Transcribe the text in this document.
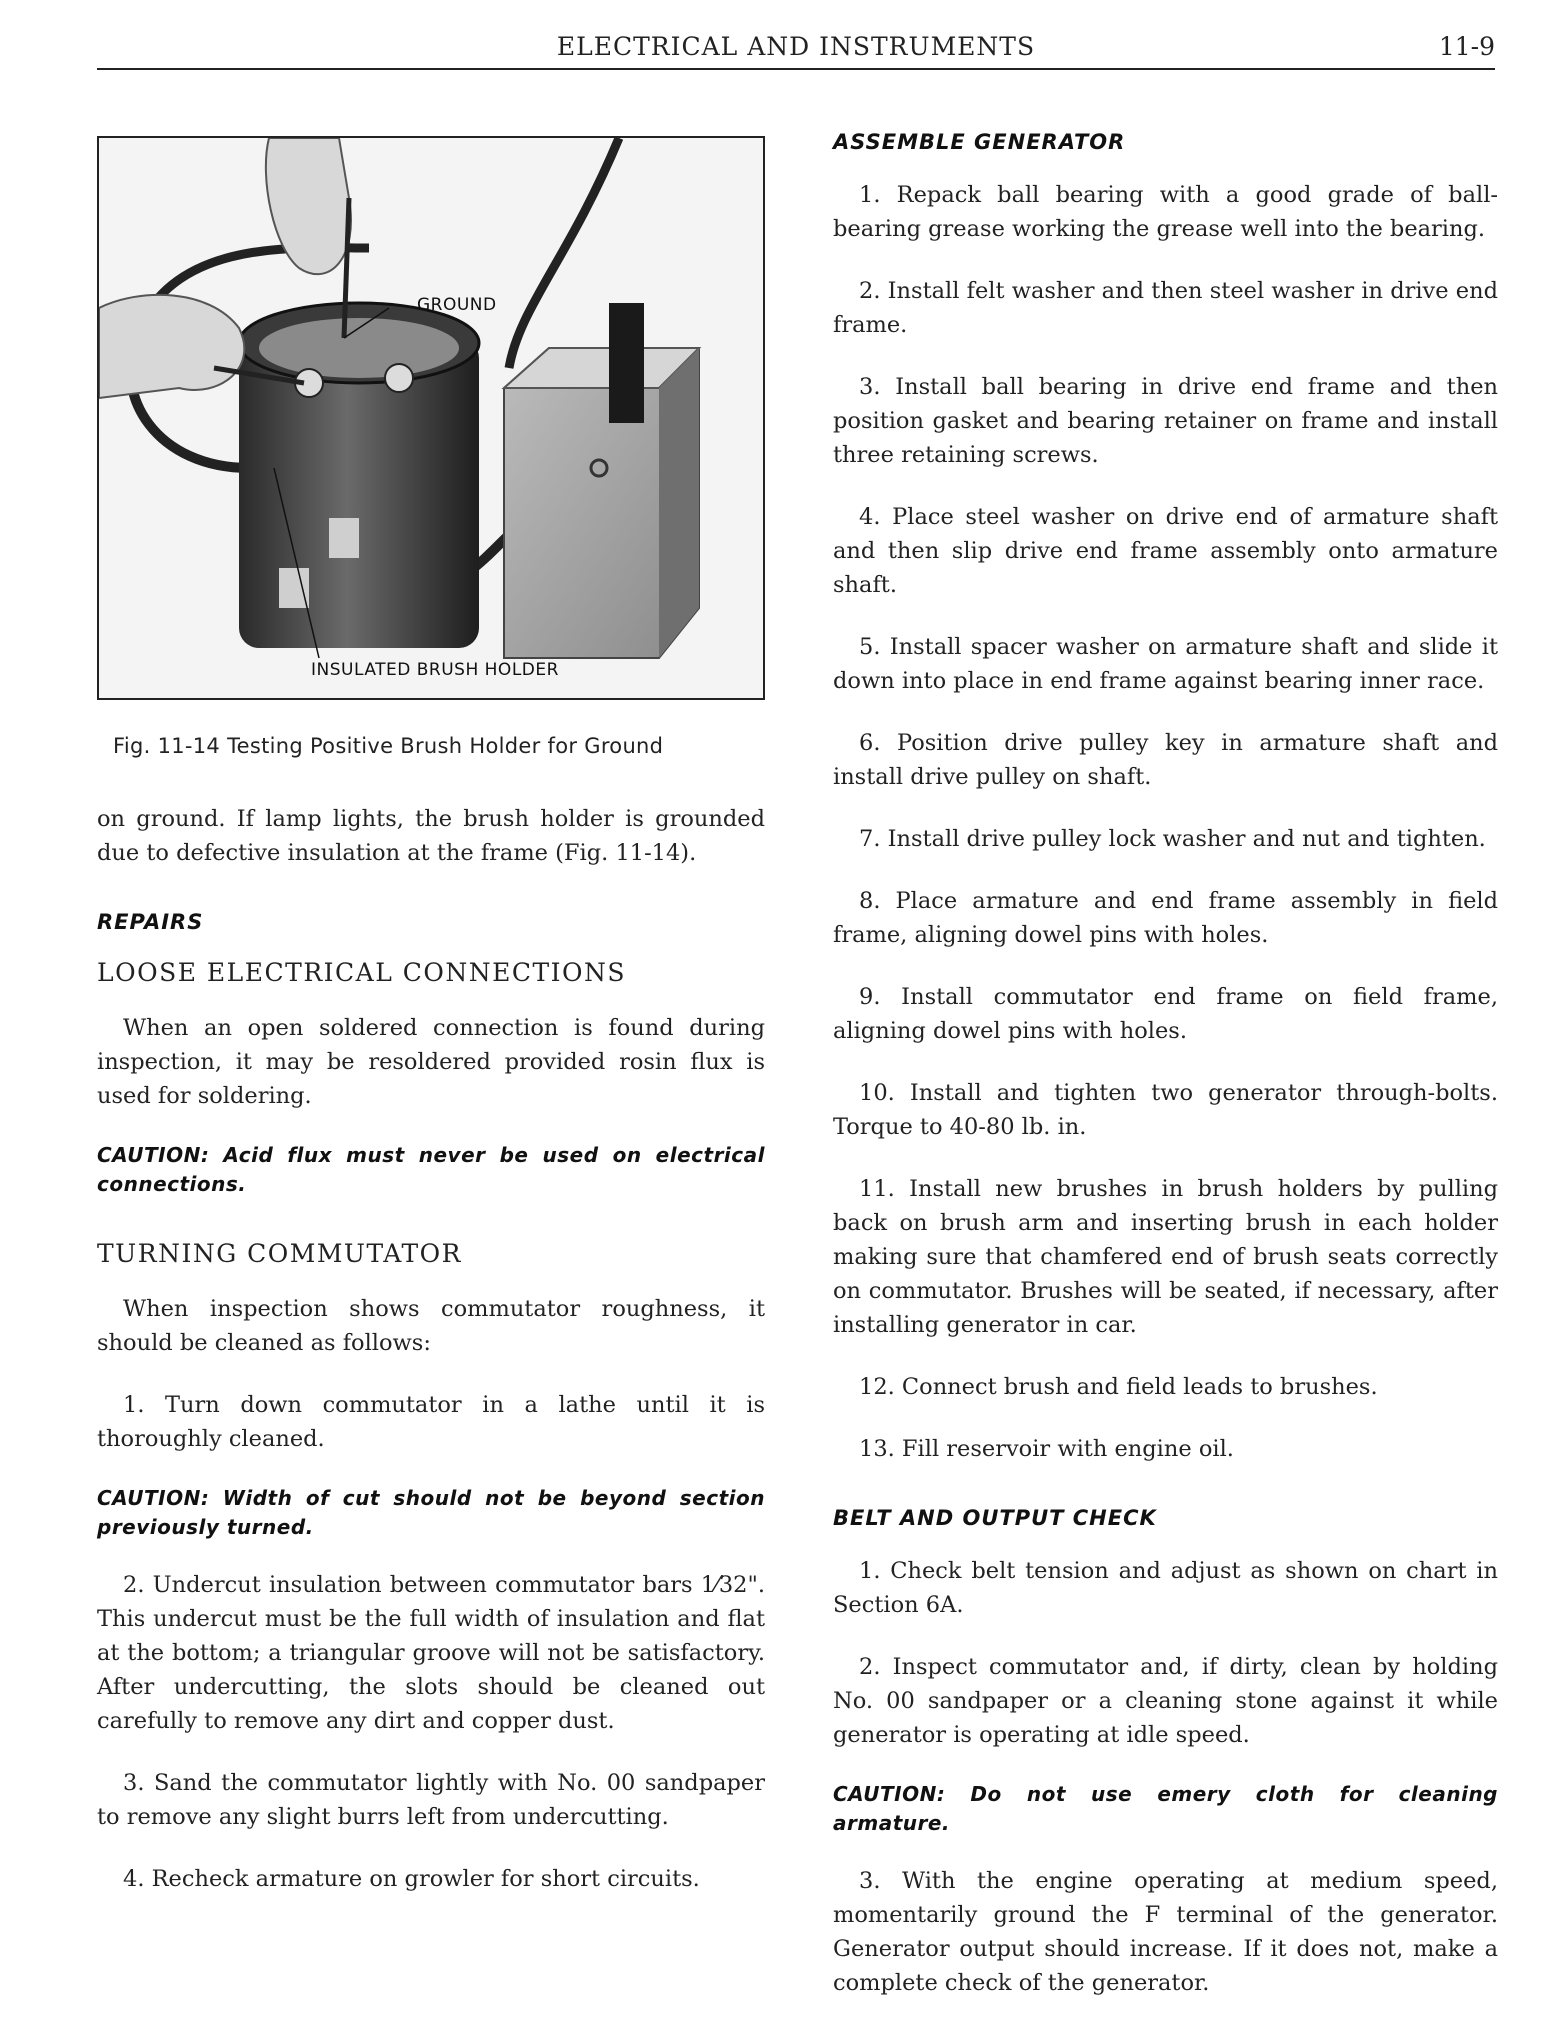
ELECTRICAL AND INSTRUMENTS	11-9
GROUND
INSULATED BRUSH HOLDER
Fig. 11-14 Testing Positive Brush Holder for Ground

on ground. If lamp lights, the brush holder is grounded due to defective insulation at the frame (Fig. 11-14).

REPAIRS
LOOSE ELECTRICAL CONNECTIONS

When an open soldered connection is found during inspection, it may be resoldered provided rosin flux is used for soldering.

CAUTION: Acid flux must never be used on electrical connections.
TURNING COMMUTATOR

When inspection shows commutator roughness, it should be cleaned as follows:

1. Turn down commutator in a lathe until it is thoroughly cleaned.

CAUTION: Width of cut should not be beyond section previously turned.

2. Undercut insulation between commutator bars 1⁄32". This undercut must be the full width of insulation and flat at the bottom; a triangular groove will not be satisfactory. After undercutting, the slots should be cleaned out carefully to remove any dirt and copper dust.

3. Sand the commutator lightly with No. 00 sandpaper to remove any slight burrs left from undercutting.

4. Recheck armature on growler for short circuits.

ASSEMBLE GENERATOR

1. Repack ball bearing with a good grade of ball-bearing grease working the grease well into the bearing.

2. Install felt washer and then steel washer in drive end frame.

3. Install ball bearing in drive end frame and then position gasket and bearing retainer on frame and install three retaining screws.

4. Place steel washer on drive end of armature shaft and then slip drive end frame assembly onto armature shaft.

5. Install spacer washer on armature shaft and slide it down into place in end frame against bearing inner race.

6. Position drive pulley key in armature shaft and install drive pulley on shaft.

7. Install drive pulley lock washer and nut and tighten.

8. Place armature and end frame assembly in field frame, aligning dowel pins with holes.

9. Install commutator end frame on field frame, aligning dowel pins with holes.

10. Install and tighten two generator through-bolts. Torque to 40-80 lb. in.

11. Install new brushes in brush holders by pulling back on brush arm and inserting brush in each holder making sure that chamfered end of brush seats correctly on commutator. Brushes will be seated, if necessary, after installing generator in car.

12. Connect brush and field leads to brushes.

13. Fill reservoir with engine oil.

BELT AND OUTPUT CHECK

1. Check belt tension and adjust as shown on chart in Section 6A.

2. Inspect commutator and, if dirty, clean by holding No. 00 sandpaper or a cleaning stone against it while generator is operating at idle speed.

CAUTION: Do not use emery cloth for cleaning armature.

3. With the engine operating at medium speed, momentarily ground the F terminal of the generator. Generator output should increase. If it does not, make a complete check of the generator.
